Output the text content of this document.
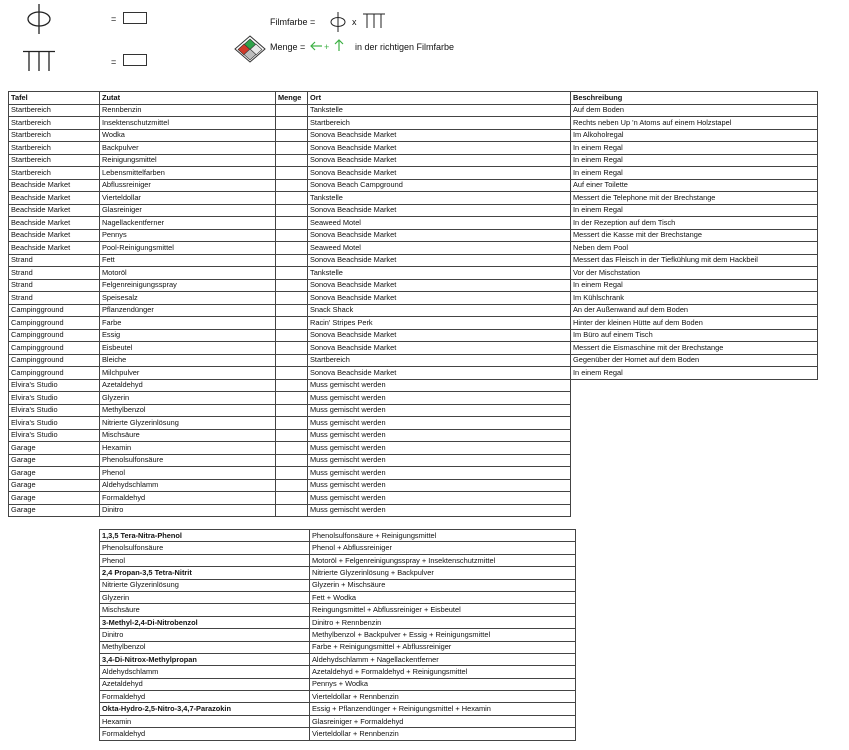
=
=
Filmfarbe =	x
Menge = +	in der richtigen Filmfarbe
Tafel	Zutat	Menge	Ort	Beschreibung
Startbereich	Rennbenzin		Tankstelle	Auf dem Boden
Startbereich	Insektenschutzmittel		Startbereich	Rechts neben Up 'n Atoms auf einem Holzstapel
Startbereich	Wodka		Sonova Beachside Market	Im Alkoholregal
Startbereich	Backpulver		Sonova Beachside Market	In einem Regal
Startbereich	Reinigungsmittel		Sonova Beachside Market	In einem Regal
Startbereich	Lebensmittelfarben		Sonova Beachside Market	In einem Regal
Beachside Market	Abflussreiniger		Sonova Beach Campground	Auf einer Toilette
Beachside Market	Vierteldollar		Tankstelle	Messert die Telephone mit der Brechstange
Beachside Market	Glasreiniger		Sonova Beachside Market	In einem Regal
Beachside Market	Nagellackentferner		Seaweed Motel	In der Rezeption auf dem Tisch
Beachside Market	Pennys		Sonova Beachside Market	Messert die Kasse mit der Brechstange
Beachside Market	Pool-Reinigungsmittel		Seaweed Motel	Neben dem Pool
Strand	Fett		Sonova Beachside Market	Messert das Fleisch in der Tiefkühlung mit dem Hackbeil
Strand	Motoröl		Tankstelle	Vor der Mischstation
Strand	Felgenreinigungsspray		Sonova Beachside Market	In einem Regal
Strand	Speisesalz		Sonova Beachside Market	Im Kühlschrank
Campingground	Pflanzendünger		Snack Shack	An der Außenwand auf dem Boden
Campingground	Farbe		Racin' Stripes Perk	Hinter der kleinen Hütte auf dem Boden
Campingground	Essig		Sonova Beachside Market	Im Büro auf einem Tisch
Campingground	Eisbeutel		Sonova Beachside Market	Messert die Eismaschine mit der Brechstange
Campingground	Bleiche		Startbereich	Gegenüber der Hornet auf dem Boden
Campingground	Milchpulver		Sonova Beachside Market	In einem Regal
Elvira's Studio	Azetaldehyd		Muss gemischt werden	
Elvira's Studio	Glyzerin		Muss gemischt werden	
Elvira's Studio	Methylbenzol		Muss gemischt werden	
Elvira's Studio	Nitrierte Glyzerinlösung		Muss gemischt werden	
Elvira's Studio	Mischsäure		Muss gemischt werden	
Garage	Hexamin		Muss gemischt werden	
Garage	Phenolsulfonsäure		Muss gemischt werden	
Garage	Phenol		Muss gemischt werden	
Garage	Aldehydschlamm		Muss gemischt werden	
Garage	Formaldehyd		Muss gemischt werden	
Garage	Dinitro		Muss gemischt werden	
1,3,5 Tera-Nitra-Phenol	Phenolsulfonsäure + Reinigungsmittel
Phenolsulfonsäure	Phenol + Abflussreiniger
Phenol	Motoröl + Felgenreinigungsspray + Insektenschutzmittel
2,4 Propan-3,5 Tetra-Nitrit	Nitrierte Glyzerinlösung + Backpulver
Nitrierte Glyzerinlösung	Glyzerin + Mischsäure
Glyzerin	Fett + Wodka
Mischsäure	Reingungsmittel + Abflussreiniger + Eisbeutel
3-Methyl-2,4-Di-Nitrobenzol	Dinitro + Rennbenzin
Dinitro	Methylbenzol + Backpulver + Essig + Reinigungsmittel
Methylbenzol	Farbe + Reinigungsmittel + Abflussreiniger
3,4-Di-Nitrox-Methylpropan	Aldehydschlamm + Nagellackentferner
Aldehydschlamm	Azetaldehyd + Formaldehyd + Reinigungsmittel
Azetaldehyd	Pennys + Wodka
Formaldehyd	Vierteldollar + Rennbenzin
Okta-Hydro-2,5-Nitro-3,4,7-Parazokin	Essig + Pflanzendünger + Reinigungsmittel + Hexamin
Hexamin	Glasreiniger + Formaldehyd
Formaldehyd	Vierteldollar + Rennbenzin
